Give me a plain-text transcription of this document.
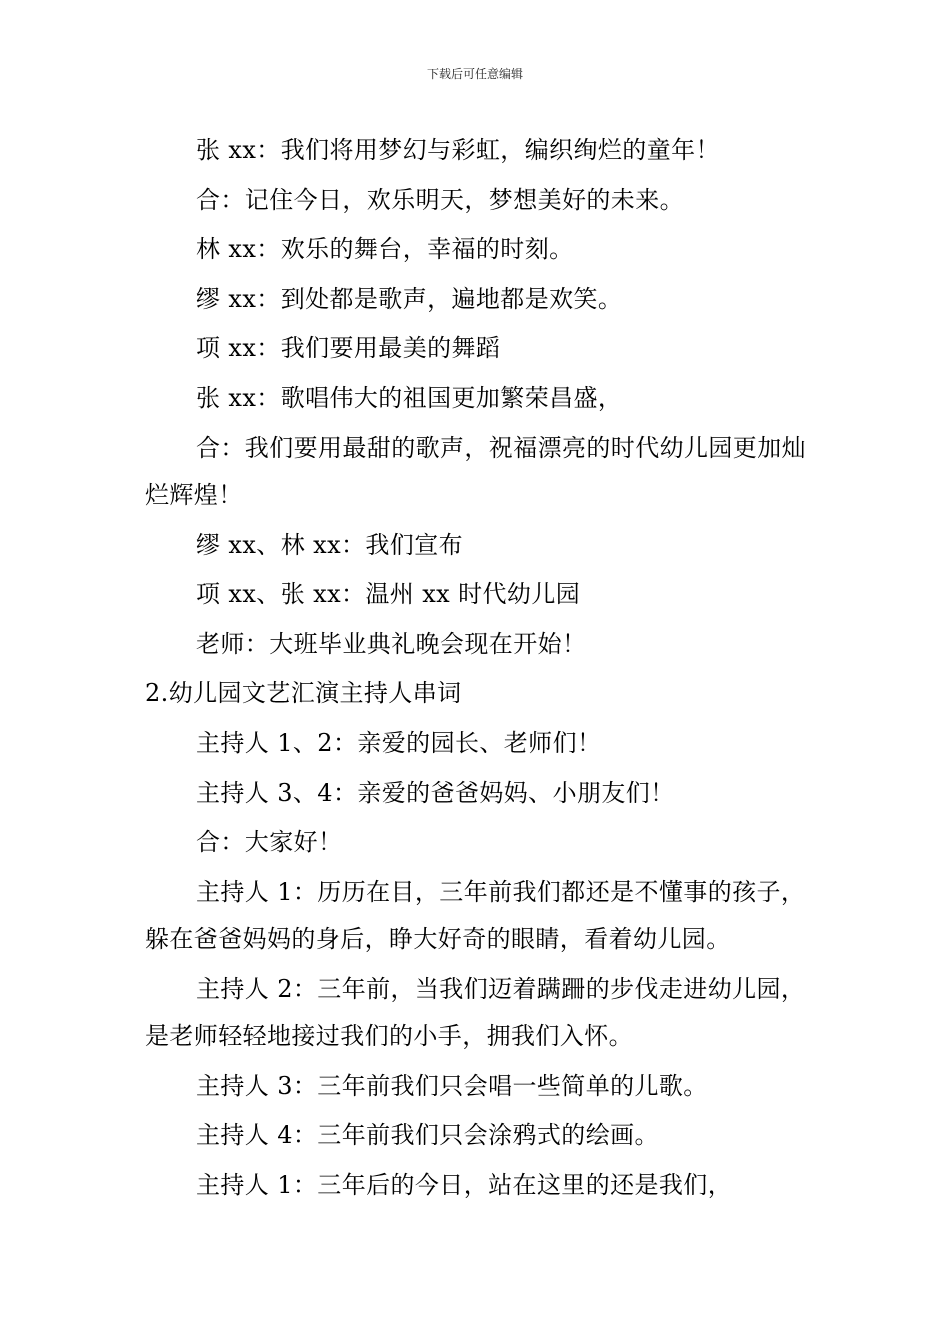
下载后可任意编辑
张 xx：我们将用梦幻与彩虹，编织绚烂的童年！
合：记住今日，欢乐明天，梦想美好的未来。
林 xx：欢乐的舞台，幸福的时刻。
缪 xx：到处都是歌声，遍地都是欢笑。
项 xx：我们要用最美的舞蹈
张 xx：歌唱伟大的祖国更加繁荣昌盛，
合：我们要用最甜的歌声，祝福漂亮的时代幼儿园更加灿烂辉煌！
缪 xx、林 xx：我们宣布
项 xx、张 xx：温州 xx 时代幼儿园
老师：大班毕业典礼晚会现在开始！
2.幼儿园文艺汇演主持人串词
主持人 1、2：亲爱的园长、老师们！
主持人 3、4：亲爱的爸爸妈妈、小朋友们！
合：大家好！
主持人 1：历历在目，三年前我们都还是不懂事的孩子，躲在爸爸妈妈的身后，睁大好奇的眼睛，看着幼儿园。
主持人 2：三年前，当我们迈着蹒跚的步伐走进幼儿园，是老师轻轻地接过我们的小手，拥我们入怀。
主持人 3：三年前我们只会唱一些简单的儿歌。
主持人 4：三年前我们只会涂鸦式的绘画。
主持人 1：三年后的今日，站在这里的还是我们，
